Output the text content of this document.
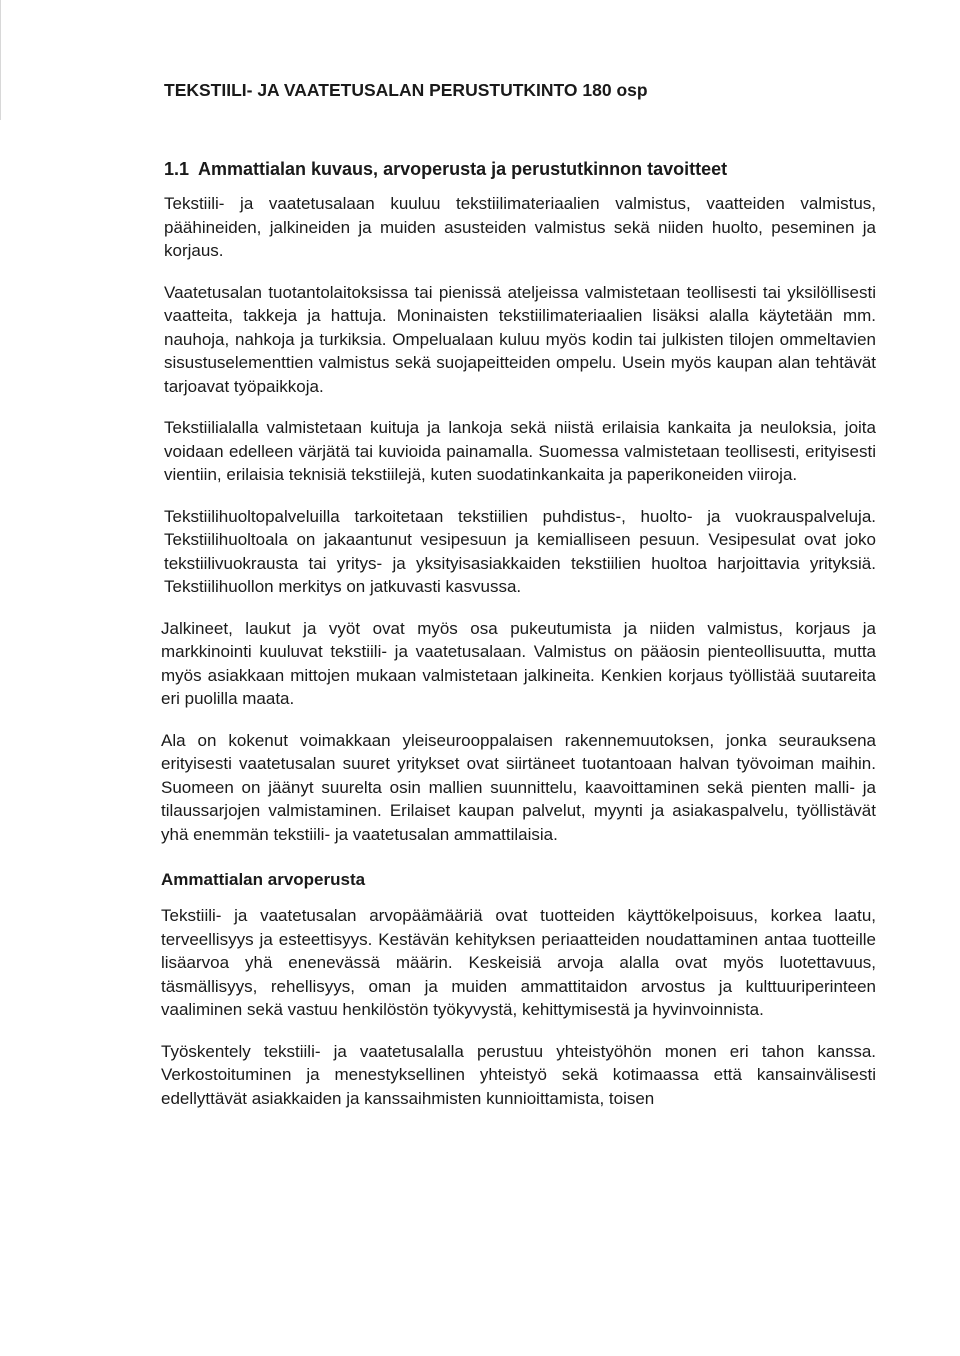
TEKSTIILI- JA VAATETUSALAN PERUSTUTKINTO 180 osp
1.1 Ammattialan kuvaus, arvoperusta ja perustutkinnon tavoitteet

Tekstiili- ja vaatetusalaan kuuluu tekstiilimateriaalien valmistus, vaatteiden valmistus, päähineiden, jalkineiden ja muiden asusteiden valmistus sekä niiden huolto, peseminen ja korjaus.

Vaatetusalan tuotantolaitoksissa tai pienissä ateljeissa valmistetaan teollisesti tai yksilöllisesti vaatteita, takkeja ja hattuja. Moninaisten tekstiilimateriaalien lisäksi alalla käytetään mm. nauhoja, nahkoja ja turkiksia. Ompelualaan kuluu myös kodin tai julkisten tilojen ommeltavien sisustuselementtien valmistus sekä suojapeitteiden ompelu. Usein myös kaupan alan tehtävät tarjoavat työpaikkoja.

Tekstiilialalla valmistetaan kuituja ja lankoja sekä niistä erilaisia kankaita ja neuloksia, joita voidaan edelleen värjätä tai kuvioida painamalla. Suomessa valmistetaan teollisesti, erityisesti vientiin, erilaisia teknisiä tekstiilejä, kuten suodatinkankaita ja paperikoneiden viiroja.

Tekstiilihuoltopalveluilla tarkoitetaan tekstiilien puhdistus-, huolto- ja vuokrauspalveluja. Tekstiilihuoltoala on jakaantunut vesipesuun ja kemialliseen pesuun. Vesipesulat ovat joko tekstiilivuokrausta tai yritys- ja yksityisasiakkaiden tekstiilien huoltoa harjoittavia yrityksiä. Tekstiilihuollon merkitys on jatkuvasti kasvussa.

Jalkineet, laukut ja vyöt ovat myös osa pukeutumista ja niiden valmistus, korjaus ja markkinointi kuuluvat tekstiili- ja vaatetusalaan. Valmistus on pääosin pienteollisuutta, mutta myös asiakkaan mittojen mukaan valmistetaan jalkineita. Kenkien korjaus työllistää suutareita eri puolilla maata.

Ala on kokenut voimakkaan yleiseurooppalaisen rakennemuutoksen, jonka seurauksena erityisesti vaatetusalan suuret yritykset ovat siirtäneet tuotantoaan halvan työvoiman maihin. Suomeen on jäänyt suurelta osin mallien suunnittelu, kaavoittaminen sekä pienten malli- ja tilaussarjojen valmistaminen. Erilaiset kaupan palvelut, myynti ja asiakaspalvelu, työllistävät yhä enemmän tekstiili- ja vaatetusalan ammattilaisia.

Ammattialan arvoperusta

Tekstiili- ja vaatetusalan arvopäämääriä ovat tuotteiden käyttökelpoisuus, korkea laatu, terveellisyys ja esteettisyys. Kestävän kehityksen periaatteiden noudattaminen antaa tuotteille lisäarvoa yhä enenevässä määrin. Keskeisiä arvoja alalla ovat myös luotettavuus, täsmällisyys, rehellisyys, oman ja muiden ammattitaidon arvostus ja kulttuuriperinteen vaaliminen sekä vastuu henkilöstön työkyvystä, kehittymisestä ja hyvinvoinnista.

Työskentely tekstiili- ja vaatetusalalla perustuu yhteistyöhön monen eri tahon kanssa. Verkostoituminen ja menestyksellinen yhteistyö sekä kotimaassa että kansainvälisesti edellyttävät asiakkaiden ja kanssaihmisten kunnioittamista, toisen
